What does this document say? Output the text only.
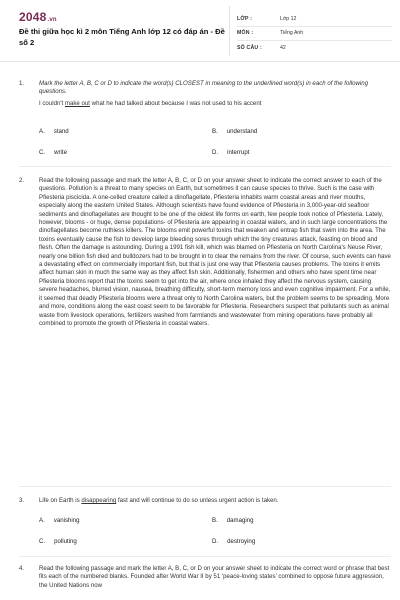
2048.vn
Đề thi giữa học kì 2 môn Tiếng Anh lớp 12 có đáp án - Đề số 2
LỚP :	Lớp 12
MÔN :	Tiếng Anh
SỐ CÂU :	42
1. Mark the letter A, B, C or D to indicate the word(s) CLOSEST in meaning to the underlined word(s) in each of the following questions.
I couldn't make out what he had talked about because I was not used to his accent
A. stand	B. understand
C. write	D. interrupt
2. Read the following passage and mark the letter A, B, C, or D on your answer sheet to indicate the correct answer to each of the questions. Pollution is a threat to many species on Earth, but sometimes it can cause species to thrive. Such is the case with Pfiesteria piscicida. A one-celled creature called a dinoflagellate, Pfiesteria inhabits warm coastal areas and river mouths, especially along the eastern United States. Although scientists have found evidence of Pfiesteria in 3,000-year-old seafloor sediments and dinoflagellates are thought to be one of the oldest life forms on earth, few people took notice of Pfiesteria. Lately, however, blooms - or huge, dense populations- of Pfiesteria are appearing in coastal waters, and in such large concentrations the dinoflagellates become ruthless killers. The blooms emit powerful toxins that weaken and entrap fish that swim into the area. The toxins eventually cause the fish to develop large bleeding sores through which the tiny creatures attack, feasting on blood and flesh. Often the damage is astounding. During a 1991 fish kill, which was blamed on Pfiesteria on North Carolina's Neuse River, nearly one billion fish died and bulldozers had to be brought in to clear the remains from the river. Of course, such events can have a devastating effect on commercially important fish, but that is just one way that Pfiesteria causes problems. The toxins it emits affect human skin in much the same way as they affect fish skin. Additionally, fishermen and others who have spent time near Pfiesteria blooms report that the toxins seem to get into the air, where once inhaled they affect the nervous system, causing severe headaches, blurred vision, nausea, breathing difficulty, short-term memory loss and even cognitive impairment. For a while, it seemed that deadly Pfiesteria blooms were a threat only to North Carolina waters, but the problem seems to be spreading. More and more, conditions along the east coast seem to be favorable for Pfiesteria. Researchers suspect that pollutants such as animal waste from livestock operations, fertilizers washed from farmlands and wastewater from mining operations have probably all combined to promote the growth of Pfiesteria in coastal waters.
3. Life on Earth is disappearing fast and will continue to do so unless urgent action is taken.
A. vanishing	B. damaging
C. polluting	D. destroying
4. Read the following passage and mark the letter A, B, C, or D on your answer sheet to indicate the correct word or phrase that best fits each of the numbered blanks. Founded after World War II by 51 'peace-loving states' combined to oppose future aggression, the United Nations now
